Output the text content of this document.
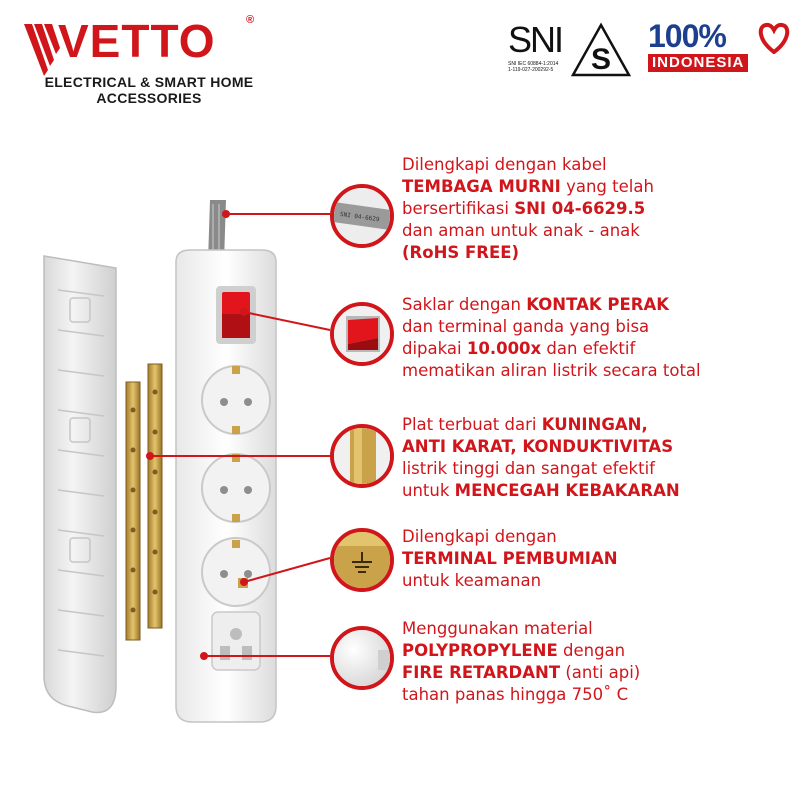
VETTO	®
ELECTRICAL & SMART HOME
ACCESSORIES
SNI
SNI IEC 60884-1:2014
1-119-027-200292-5	S
100%
INDONESIA
SNI 04-6629
Dilengkapi dengan kabel
TEMBAGA MURNI yang telah
bersertifikasi SNI 04-6629.5
dan aman untuk anak - anak
(RoHS FREE)
Saklar dengan KONTAK PERAK
dan terminal ganda yang bisa
dipakai 10.000x dan efektif
mematikan aliran listrik secara total
Plat terbuat dari KUNINGAN,
ANTI KARAT, KONDUKTIVITAS
listrik tinggi dan sangat efektif
untuk MENCEGAH KEBAKARAN
Dilengkapi dengan
TERMINAL PEMBUMIAN
untuk keamanan
Menggunakan material
POLYPROPYLENE dengan
FIRE RETARDANT (anti api)
tahan panas hingga 750˚ C
